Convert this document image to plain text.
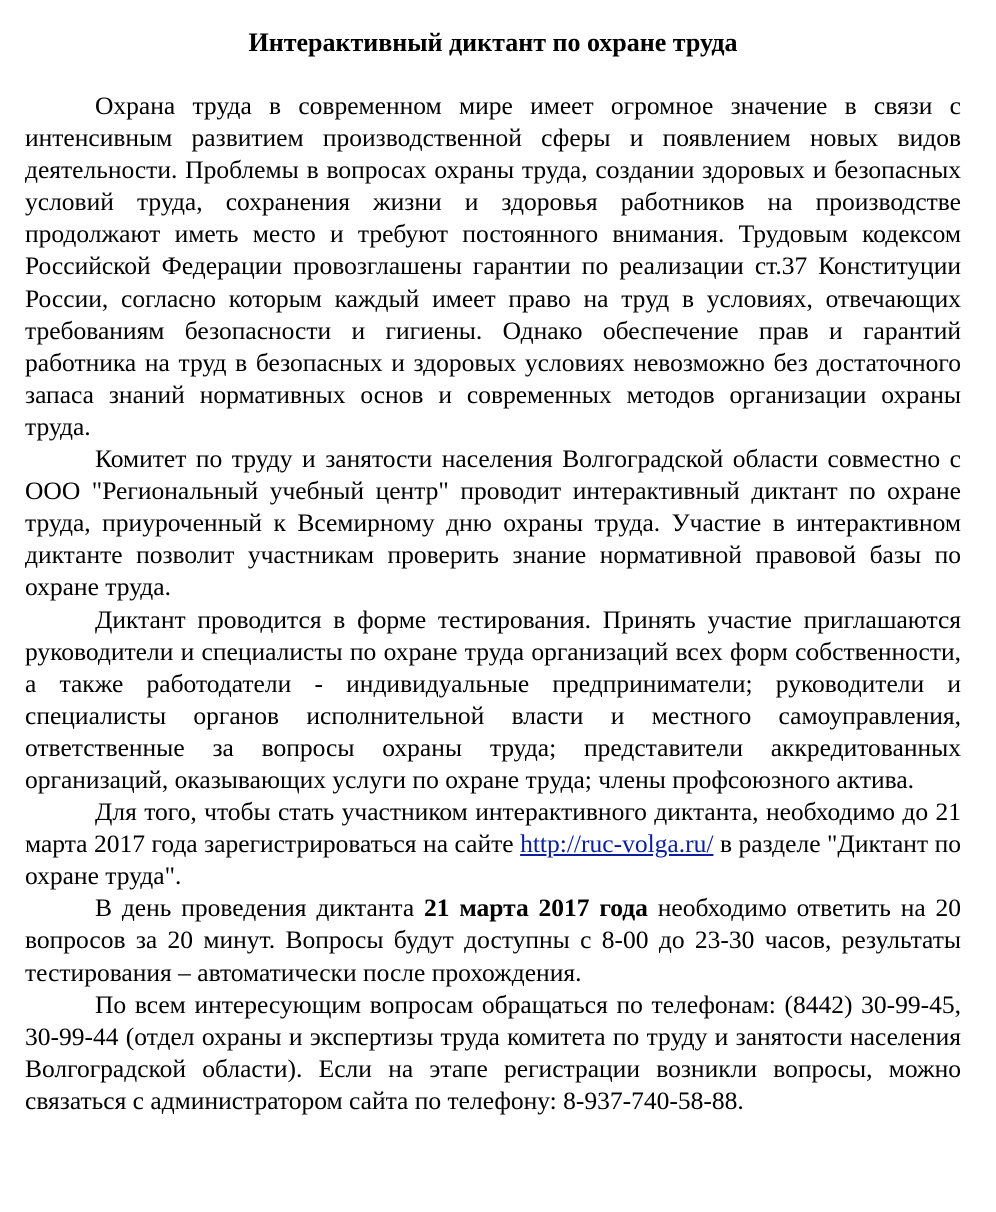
Интерактивный диктант по охране труда

Охрана труда в современном мире имеет огромное значение в связи с интенсивным развитием производственной сферы и появлением новых видов деятельности. Проблемы в вопросах охраны труда, создании здоровых и безопасных условий труда, сохранения жизни и здоровья работников на производстве продолжают иметь место и требуют постоянного внимания. Трудовым кодексом Российской Федерации провозглашены гарантии по реализации ст.37 Конституции России, согласно которым каждый имеет право на труд в условиях, отвечающих требованиям безопасности и гигиены. Однако обеспечение прав и гарантий работника на труд в безопасных и здоровых условиях невозможно без достаточного запаса знаний нормативных основ и современных методов организации охраны труда.

Комитет по труду и занятости населения Волгоградской области совместно с ООО "Региональный учебный центр" проводит интерактивный диктант по охране труда, приуроченный к Всемирному дню охраны труда. Участие в интерактивном диктанте позволит участникам проверить знание нормативной правовой базы по охране труда.

Диктант проводится в форме тестирования. Принять участие приглашаются руководители и специалисты по охране труда организаций всех форм собственности, а также работодатели - индивидуальные предприниматели; руководители и специалисты органов исполнительной власти и местного самоуправления, ответственные за вопросы охраны труда; представители аккредитованных организаций, оказывающих услуги по охране труда; члены профсоюзного актива.

Для того, чтобы стать участником интерактивного диктанта, необходимо до 21 марта 2017 года зарегистрироваться на сайте http://ruc-volga.ru/ в разделе "Диктант по охране труда".

В день проведения диктанта 21 марта 2017 года необходимо ответить на 20 вопросов за 20 минут. Вопросы будут доступны с 8-00 до 23-30 часов, результаты тестирования – автоматически после прохождения.

По всем интересующим вопросам обращаться по телефонам: (8442) 30-99-45, 30-99-44 (отдел охраны и экспертизы труда комитета по труду и занятости населения Волгоградской области). Если на этапе регистрации возникли вопросы, можно связаться с администратором сайта по телефону: 8-937-740-58-88.
